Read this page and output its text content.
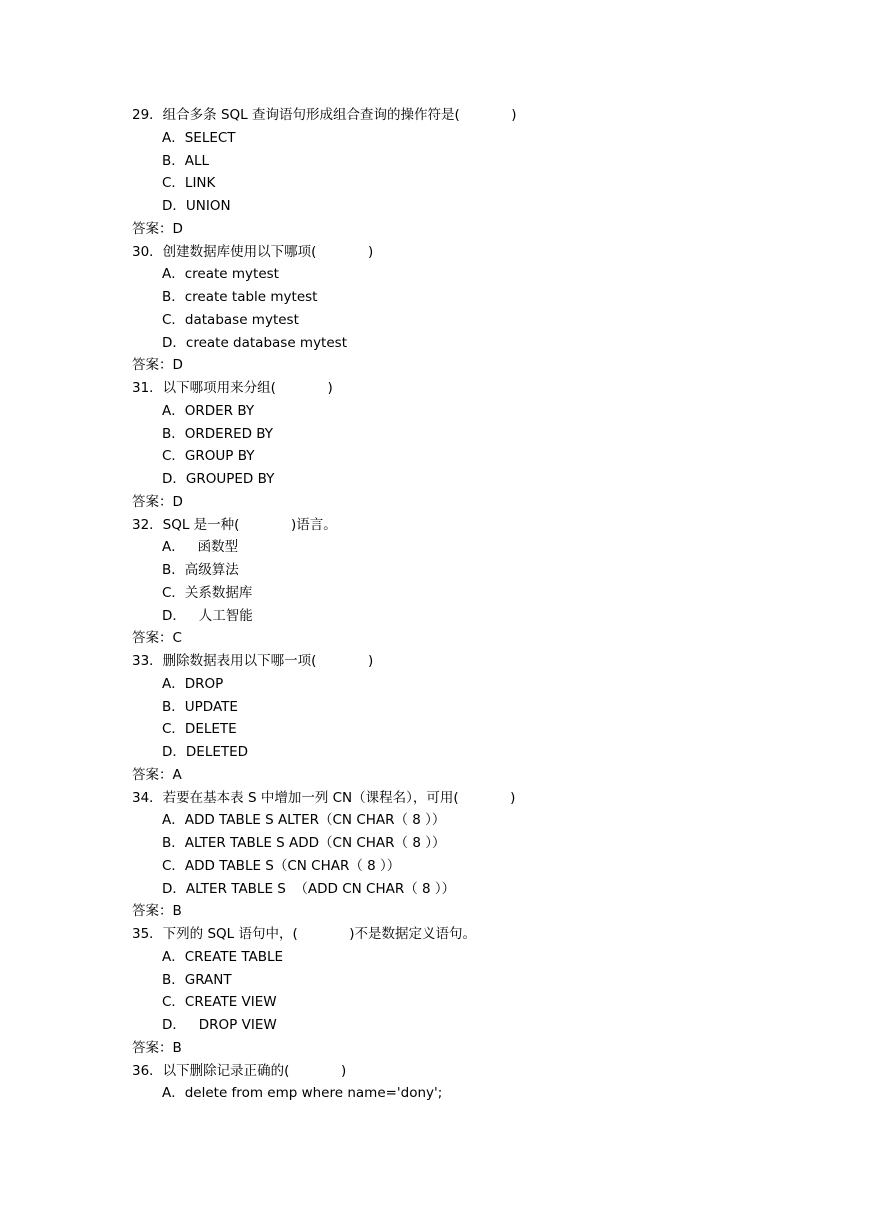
29．组合多条 SQL 查询语句形成组合查询的操作符是(            )
A．SELECT
B．ALL
C．LINK
D．UNION
答案：D
30．创建数据库使用以下哪项(            )
A．create mytest
B．create table mytest
C．database mytest
D．create database mytest
答案：D
31．以下哪项用来分组(            )
A．ORDER BY
B．ORDERED BY
C．GROUP BY
D．GROUPED BY
答案：D
32．SQL 是一种(            )语言。
A．   函数型
B．高级算法
C．关系数据库
D．   人工智能
答案：C
33．删除数据表用以下哪一项(            )
A．DROP
B．UPDATE
C．DELETE
D．DELETED
答案：A
34．若要在基本表 S 中增加一列 CN（课程名），可用(            )
A．ADD TABLE S ALTER（CN CHAR（ 8 ））
B．ALTER TABLE S ADD（CN CHAR（ 8 ））
C．ADD TABLE S（CN CHAR（ 8 ））
D．ALTER TABLE S  （ADD CN CHAR（ 8 ））
答案：B
35．下列的 SQL 语句中，(            )不是数据定义语句。
A．CREATE TABLE
B．GRANT
C．CREATE VIEW
D．   DROP VIEW
答案：B
36．以下删除记录正确的(            )
A．delete from emp where name='dony';
